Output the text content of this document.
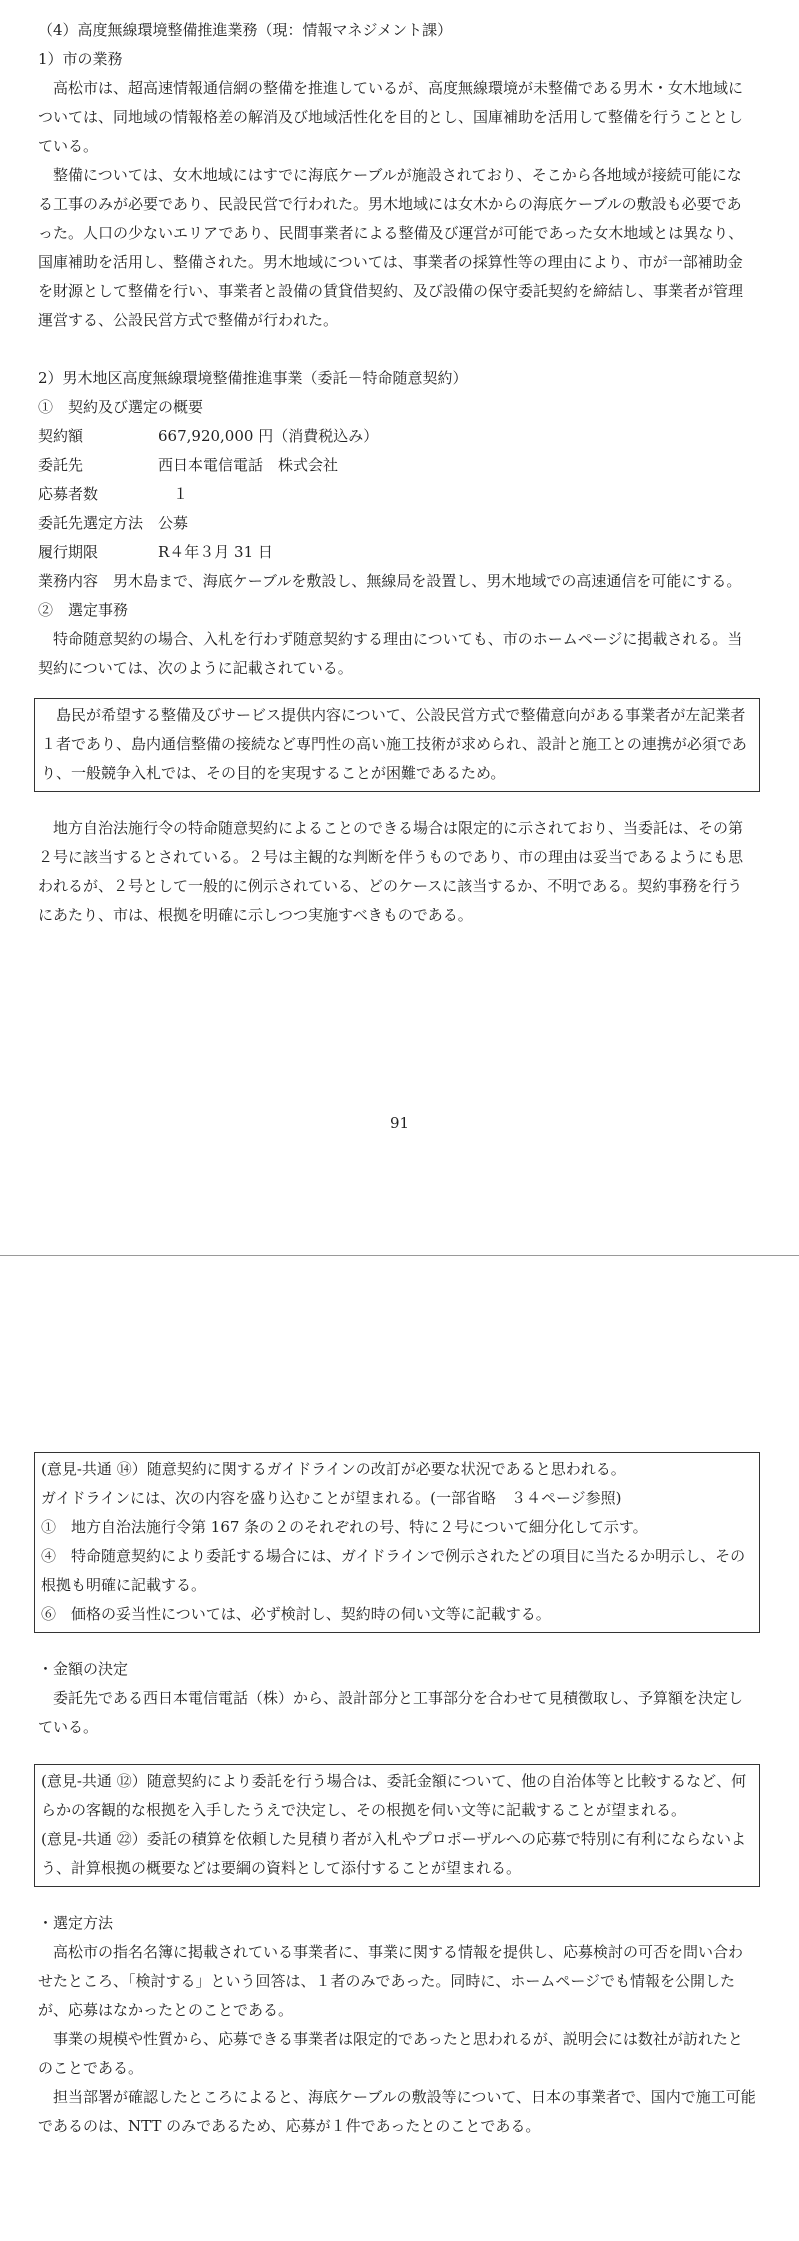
（4）高度無線環境整備推進業務（現：情報マネジメント課）

1）市の業務

高松市は、超高速情報通信網の整備を推進しているが、高度無線環境が未整備である男木・女木地域については、同地域の情報格差の解消及び地域活性化を目的とし、国庫補助を活用して整備を行うこととしている。

整備については、女木地域にはすでに海底ケーブルが施設されており、そこから各地域が接続可能になる工事のみが必要であり、民設民営で行われた。男木地域には女木からの海底ケーブルの敷設も必要であった。人口の少ないエリアであり、民間事業者による整備及び運営が可能であった女木地域とは異なり、国庫補助を活用し、整備された。男木地域については、事業者の採算性等の理由により、市が一部補助金を財源として整備を行い、事業者と設備の賃貸借契約、及び設備の保守委託契約を締結し、事業者が管理運営する、公設民営方式で整備が行われた。

2）男木地区高度無線環境整備推進事業（委託－特命随意契約）

①　契約及び選定の概要

契約額	667,920,000 円（消費税込み）
委託先	西日本電信電話　株式会社
応募者数	　１
委託先選定方法 公募
履行期限	R４年３月 31 日

業務内容　 男木島まで、海底ケーブルを敷設し、無線局を設置し、男木地域での高速通信を可能にする。

②　選定事務

特命随意契約の場合、入札を行わず随意契約する理由についても、市のホームページに掲載される。当契約については、次のように記載されている。

島民が希望する整備及びサービス提供内容について、公設民営方式で整備意向がある事業者が左記業者１者であり、島内通信整備の接続など専門性の高い施工技術が求められ、設計と施工との連携が必須であり、一般競争入札では、その目的を実現することが困難であるため。

地方自治法施行令の特命随意契約によることのできる場合は限定的に示されており、当委託は、その第２号に該当するとされている。２号は主観的な判断を伴うものであり、市の理由は妥当であるようにも思われるが、２号として一般的に例示されている、どのケースに該当するか、不明である。契約事務を行うにあたり、市は、根拠を明確に示しつつ実施すべきものである。

91

(意見-共通 ⑭）随意契約に関するガイドラインの改訂が必要な状況であると思われる。

ガイドラインには、次の内容を盛り込むことが望まれる。(一部省略　３４ページ参照)

①　地方自治法施行令第 167 条の２のそれぞれの号、特に２号について細分化して示す。

④　特命随意契約により委託する場合には、ガイドラインで例示されたどの項目に当たるか明示し、その根拠も明確に記載する。

⑥　価格の妥当性については、必ず検討し、契約時の伺い文等に記載する。

・金額の決定

委託先である西日本電信電話（株）から、設計部分と工事部分を合わせて見積徴取し、予算額を決定している。

(意見-共通 ⑫）随意契約により委託を行う場合は、委託金額について、他の自治体等と比較するなど、何らかの客観的な根拠を入手したうえで決定し、その根拠を伺い文等に記載することが望まれる。

(意見-共通 ㉒）委託の積算を依頼した見積り者が入札やプロポーザルへの応募で特別に有利にならないよう、計算根拠の概要などは要綱の資料として添付することが望まれる。

・選定方法

高松市の指名名簿に掲載されている事業者に、事業に関する情報を提供し、応募検討の可否を問い合わせたところ、「検討する」という回答は、１者のみであった。同時に、ホームページでも情報を公開したが、応募はなかったとのことである。

事業の規模や性質から、応募できる事業者は限定的であったと思われるが、説明会には数社が訪れたとのことである。

担当部署が確認したところによると、海底ケーブルの敷設等について、日本の事業者で、国内で施工可能であるのは、NTT のみであるため、応募が１件であったとのことである。
